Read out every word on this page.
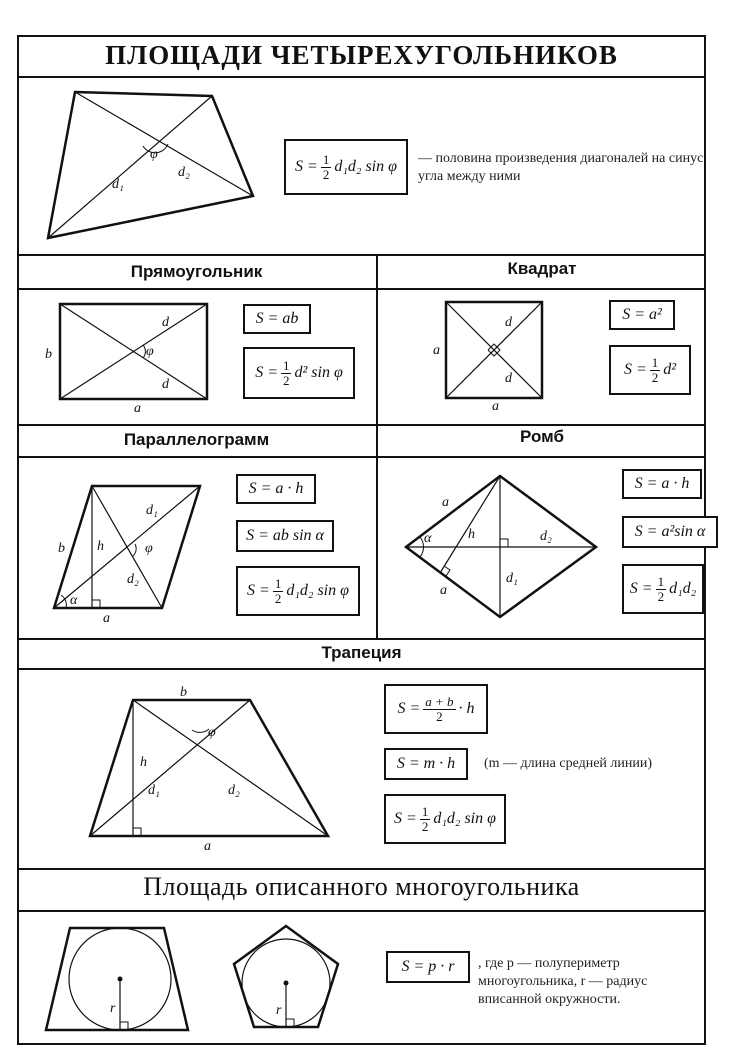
ПЛОЩАДИ ЧЕТЫРЕХУГОЛЬНИКОВ
φ
d₁
d₂	$S = \frac{1}{2} d_1d_2$ sin φ — половина произведения диагоналей на синус угла между ними
Прямоугольник	Квадрат
φ
d
d
b
a
S = ab
$S = \frac{1}{2} d^2$ sin φ
d
d
a
a
S = a²
$S = \frac{1}{2} d^2$
Параллелограмм	Ромб
d₁
d₂
b h	φ
α
a
S = a · h
S = ab sin α
$S = \frac{1}{2} d_1d_2$ sin φ
a
h
α	d₂
d₁
a
S = a · h
S = a²sin α
$S = \frac{1}{2} d_1d_2$
Трапеция
b
φ
h
d₁	d₂
a
$S = \frac{a + b}{2} \cdot h$
S = m · h	(m — длина средней линии)
$S = \frac{1}{2} d_1d_2$ sin φ
Площадь описанного многоугольника
r	r
S = p · r	, где p — полупериметр многоугольника, r — радиус вписанной окружности.
